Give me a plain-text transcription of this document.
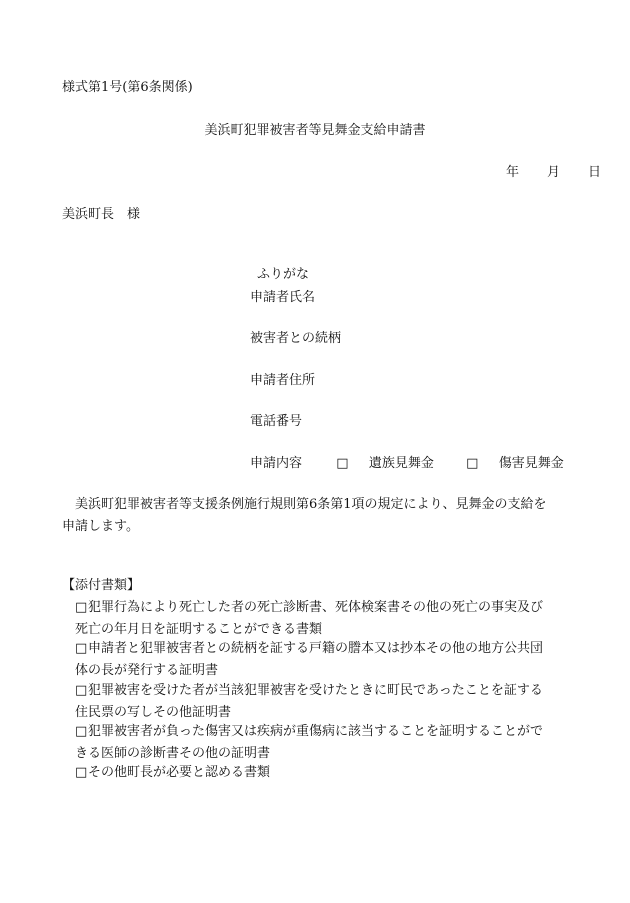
様式第1号(第6条関係)
美浜町犯罪被害者等見舞金支給申請書
年 月 日
美浜町長　様
ふりがな
申請者氏名
被害者との続柄
申請者住所
電話番号
申請内容	□ 遺族見舞金 □ 傷害見舞金
美浜町犯罪被害者等支援条例施行規則第6条第1項の規定により、見舞金の支給を
申請します。
【添付書類】
□ 犯罪行為により死亡した者の死亡診断書、死体検案書その他の死亡の事実及び
死亡の年月日を証明することができる書類
□ 申請者と犯罪被害者との続柄を証する戸籍の謄本又は抄本その他の地方公共団
体の長が発行する証明書
□ 犯罪被害を受けた者が当該犯罪被害を受けたときに町民であったことを証する
住民票の写しその他証明書
□ 犯罪被害者が負った傷害又は疾病が重傷病に該当することを証明することがで
きる医師の診断書その他の証明書
□ その他町長が必要と認める書類
